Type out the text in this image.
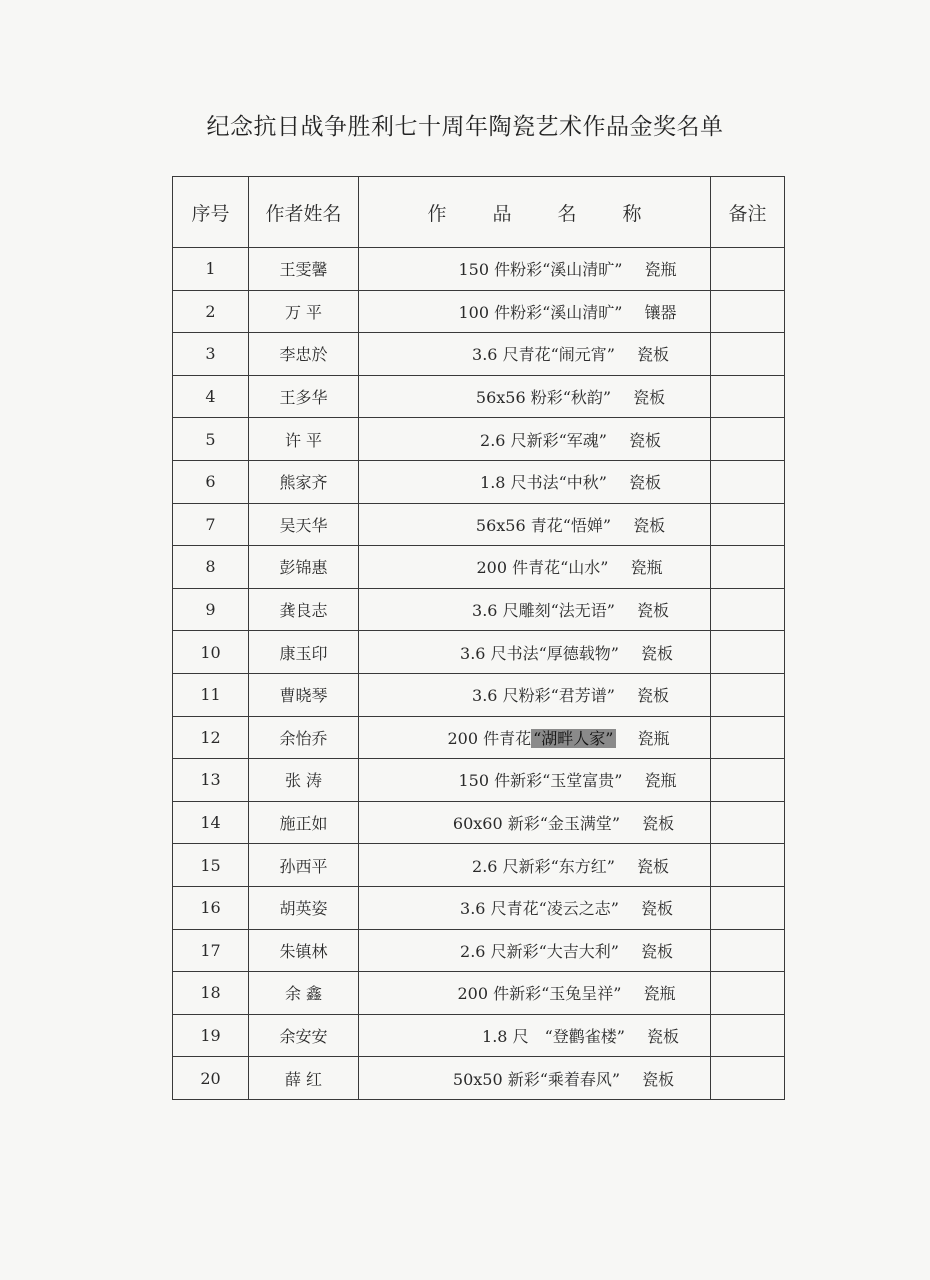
纪念抗日战争胜利七十周年陶瓷艺术作品金奖名单
序号	作者姓名	作 品 名 称	备注
1	王雯馨	150 件粉彩“溪山清旷” 瓷瓶	
2	万 平	100 件粉彩“溪山清旷” 镶器	
3	李忠於	3.6 尺青花“闹元宵” 瓷板	
4	王多华	56x56 粉彩“秋韵” 瓷板	
5	许 平	2.6 尺新彩“军魂” 瓷板	
6	熊家齐	1.8 尺书法“中秋” 瓷板	
7	吴天华	56x56 青花“悟婵” 瓷板	
8	彭锦惠	200 件青花“山水” 瓷瓶	
9	龚良志	3.6 尺雕刻“法无语” 瓷板	
10	康玉印	3.6 尺书法“厚德载物” 瓷板	
11	曹晓琴	3.6 尺粉彩“君芳谱” 瓷板	
12	余怡乔	200 件青花 “湖畔人家” 瓷瓶	
13	张 涛	150 件新彩“玉堂富贵” 瓷瓶	
14	施正如	60x60 新彩“金玉满堂” 瓷板	
15	孙西平	2.6 尺新彩“东方红” 瓷板	
16	胡英姿	3.6 尺青花“凌云之志” 瓷板	
17	朱镇林	2.6 尺新彩“大吉大利” 瓷板	
18	余 鑫	200 件新彩“玉兔呈祥” 瓷瓶	
19	余安安	1.8 尺　“登鹳雀楼” 瓷板	
20	薛 红	50x50 新彩“乘着春风” 瓷板	
